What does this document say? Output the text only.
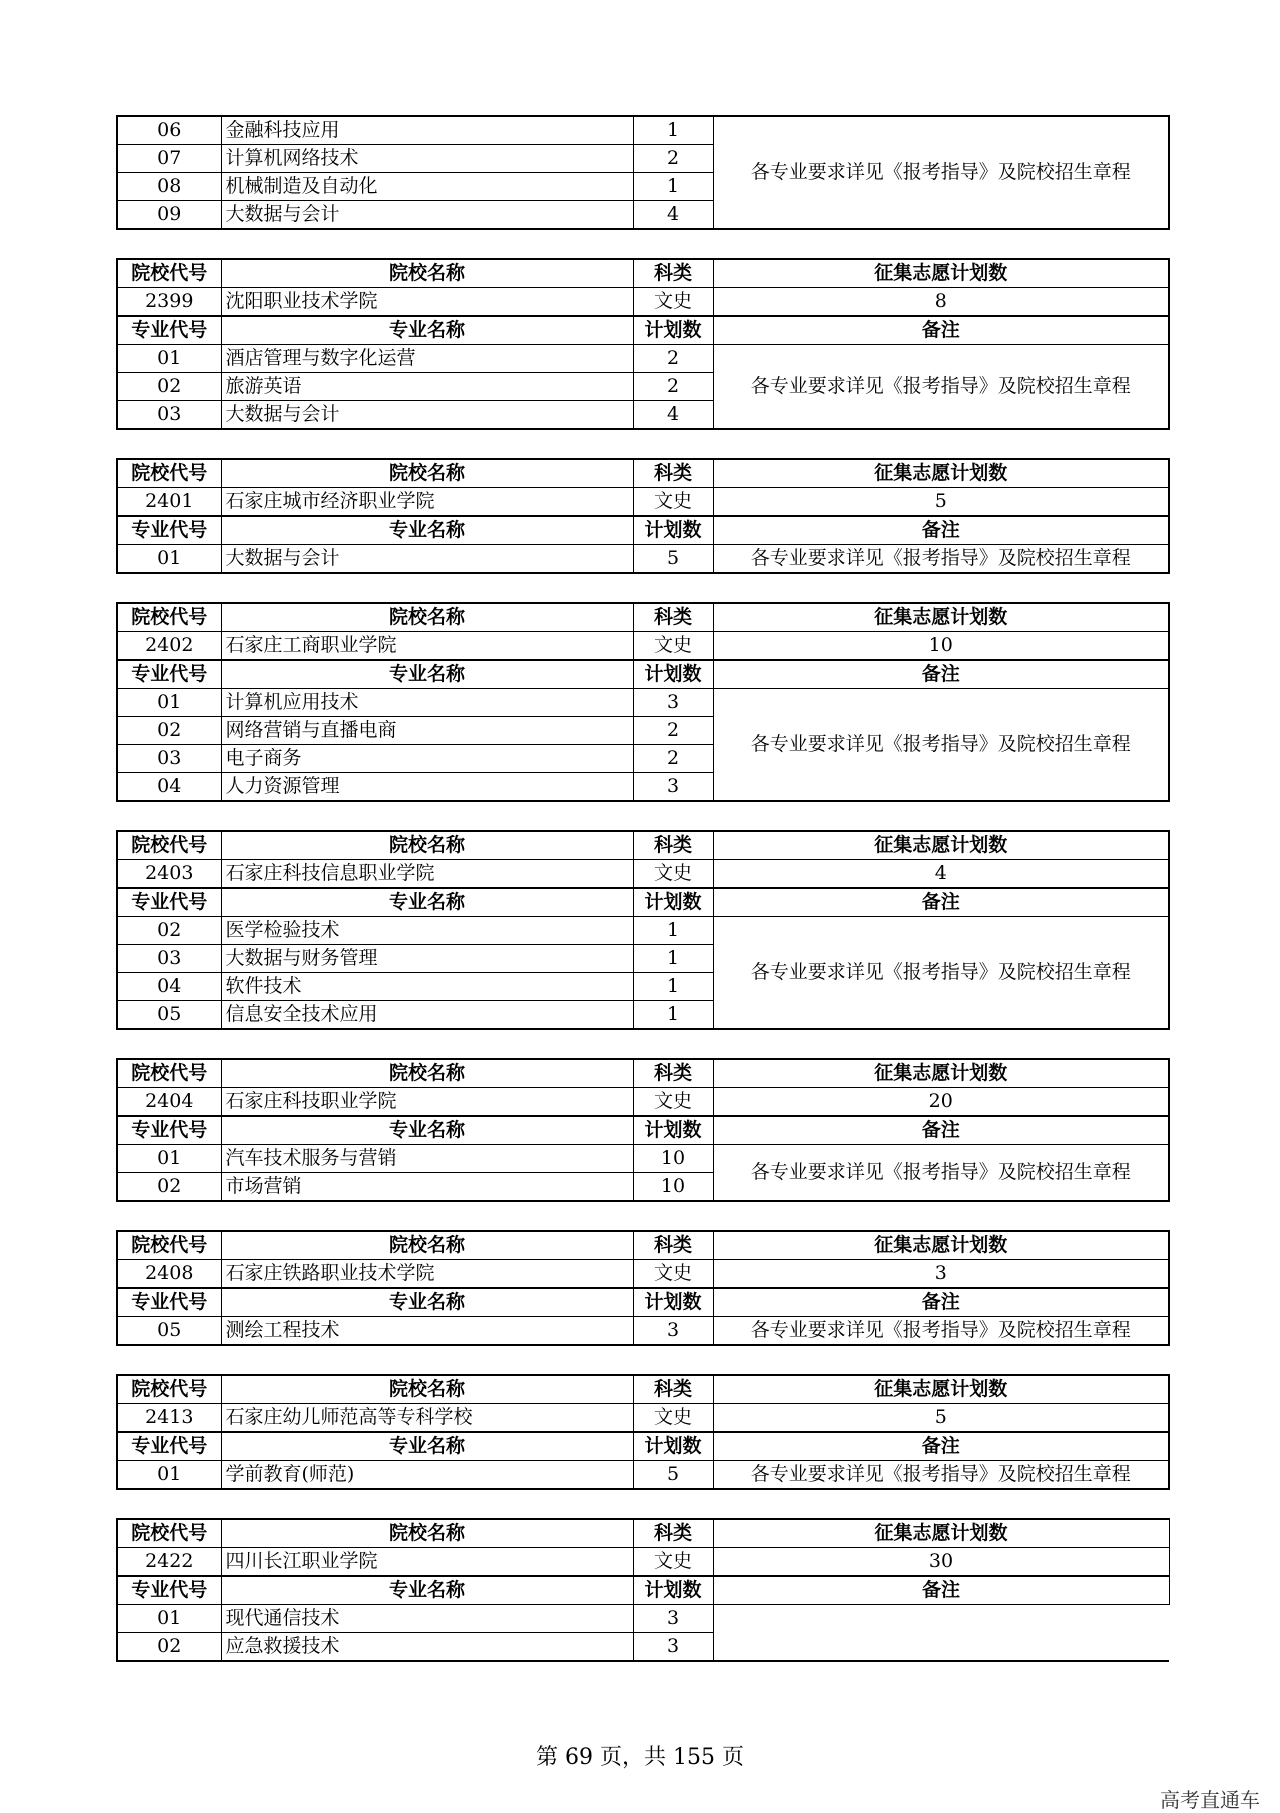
06	金融科技应用	1	各专业要求详见《报考指导》及院校招生章程
07	计算机网络技术	2	
08	机械制造及自动化	1	
09	大数据与会计	4	
院校代号	院校名称	科类	征集志愿计划数
2399	沈阳职业技术学院	文史	8
专业代号	专业名称	计划数	备注
01	酒店管理与数字化运营	2	各专业要求详见《报考指导》及院校招生章程
02	旅游英语	2	
03	大数据与会计	4	
院校代号	院校名称	科类	征集志愿计划数
2401	石家庄城市经济职业学院	文史	5
专业代号	专业名称	计划数	备注
01	大数据与会计	5	各专业要求详见《报考指导》及院校招生章程
院校代号	院校名称	科类	征集志愿计划数
2402	石家庄工商职业学院	文史	10
专业代号	专业名称	计划数	备注
01	计算机应用技术	3	各专业要求详见《报考指导》及院校招生章程
02	网络营销与直播电商	2	
03	电子商务	2	
04	人力资源管理	3	
院校代号	院校名称	科类	征集志愿计划数
2403	石家庄科技信息职业学院	文史	4
专业代号	专业名称	计划数	备注
02	医学检验技术	1	各专业要求详见《报考指导》及院校招生章程
03	大数据与财务管理	1	
04	软件技术	1	
05	信息安全技术应用	1	
院校代号	院校名称	科类	征集志愿计划数
2404	石家庄科技职业学院	文史	20
专业代号	专业名称	计划数	备注
01	汽车技术服务与营销	10	各专业要求详见《报考指导》及院校招生章程
02	市场营销	10	
院校代号	院校名称	科类	征集志愿计划数
2408	石家庄铁路职业技术学院	文史	3
专业代号	专业名称	计划数	备注
05	测绘工程技术	3	各专业要求详见《报考指导》及院校招生章程
院校代号	院校名称	科类	征集志愿计划数
2413	石家庄幼儿师范高等专科学校	文史	5
专业代号	专业名称	计划数	备注
01	学前教育(师范)	5	各专业要求详见《报考指导》及院校招生章程
院校代号	院校名称	科类	征集志愿计划数
2422	四川长江职业学院	文史	30
专业代号	专业名称	计划数	备注
01	现代通信技术	3	
02	应急救援技术	3	
第 69 页，共 155 页
高考直通车
